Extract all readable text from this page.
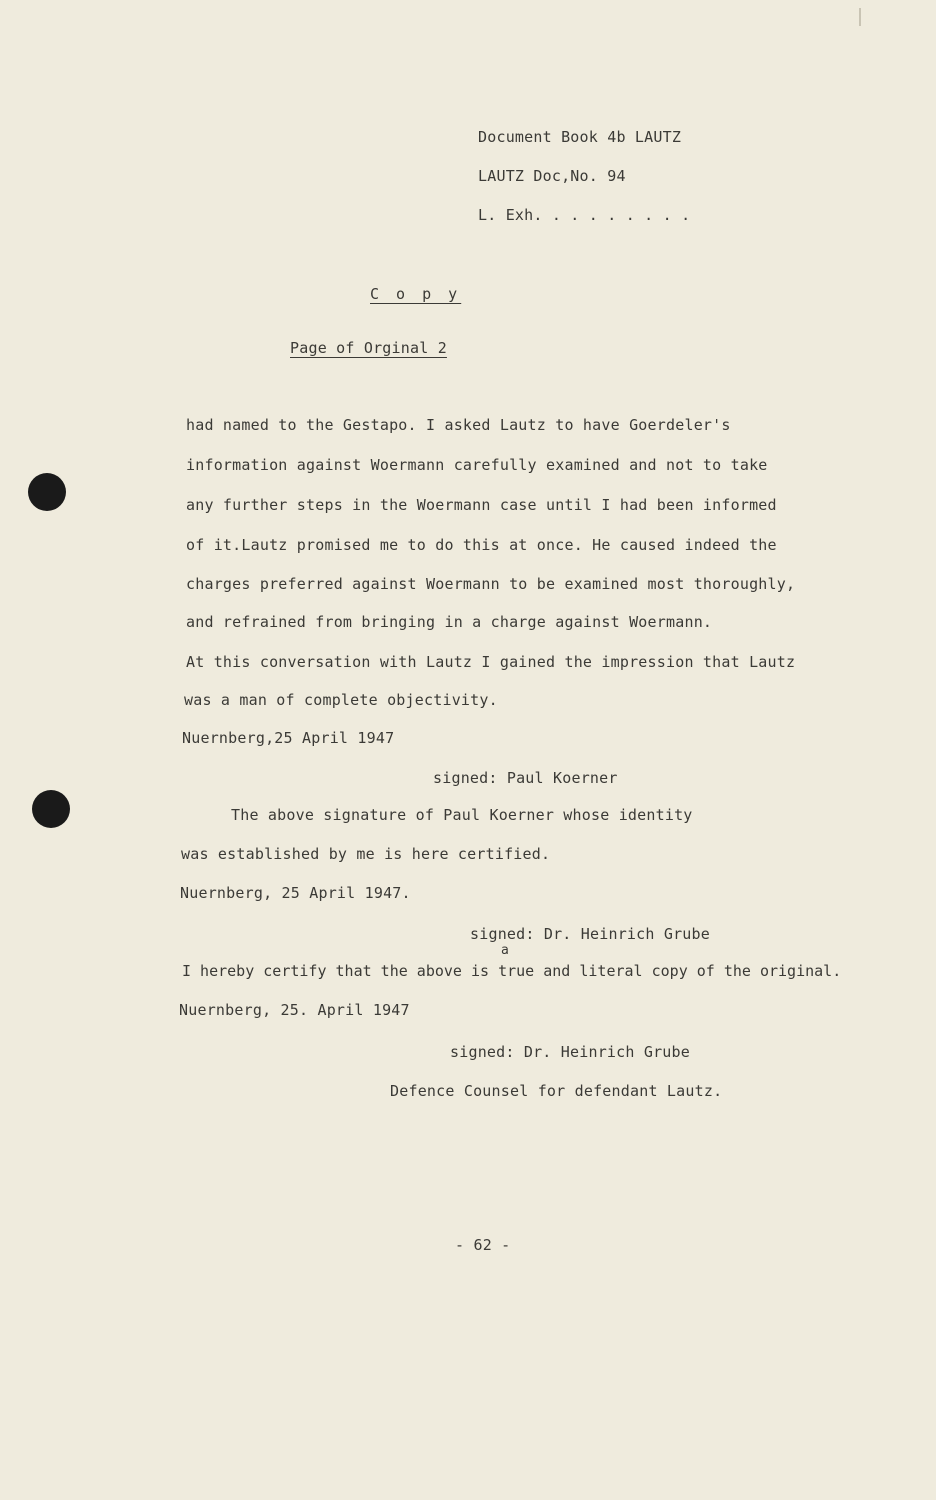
Document Book 4b LAUTZ
LAUTZ Doc,No. 94
L. Exh. . . . . . . . .
C o p y
Page of Orginal 2
had named to the Gestapo. I asked Lautz to have Goerdeler's
information against Woermann carefully examined and not to take
any further steps in the Woermann case until I had been informed
of it.Lautz promised me to do this at once. He caused indeed the
charges preferred against Woermann to be examined most thoroughly,
and refrained from bringing in a charge against Woermann.
At this conversation with Lautz I gained the impression that Lautz
was a man of complete objectivity.
Nuernberg,25 April 1947
signed: Paul Koerner
The above signature of Paul Koerner whose identity
was established by me is here certified.
Nuernberg, 25 April 1947.
signed: Dr. Heinrich Grube
a
I hereby certify that the above is true and literal copy of the original.
Nuernberg, 25. April 1947
signed: Dr. Heinrich Grube
Defence Counsel for defendant Lautz.
- 62 -
